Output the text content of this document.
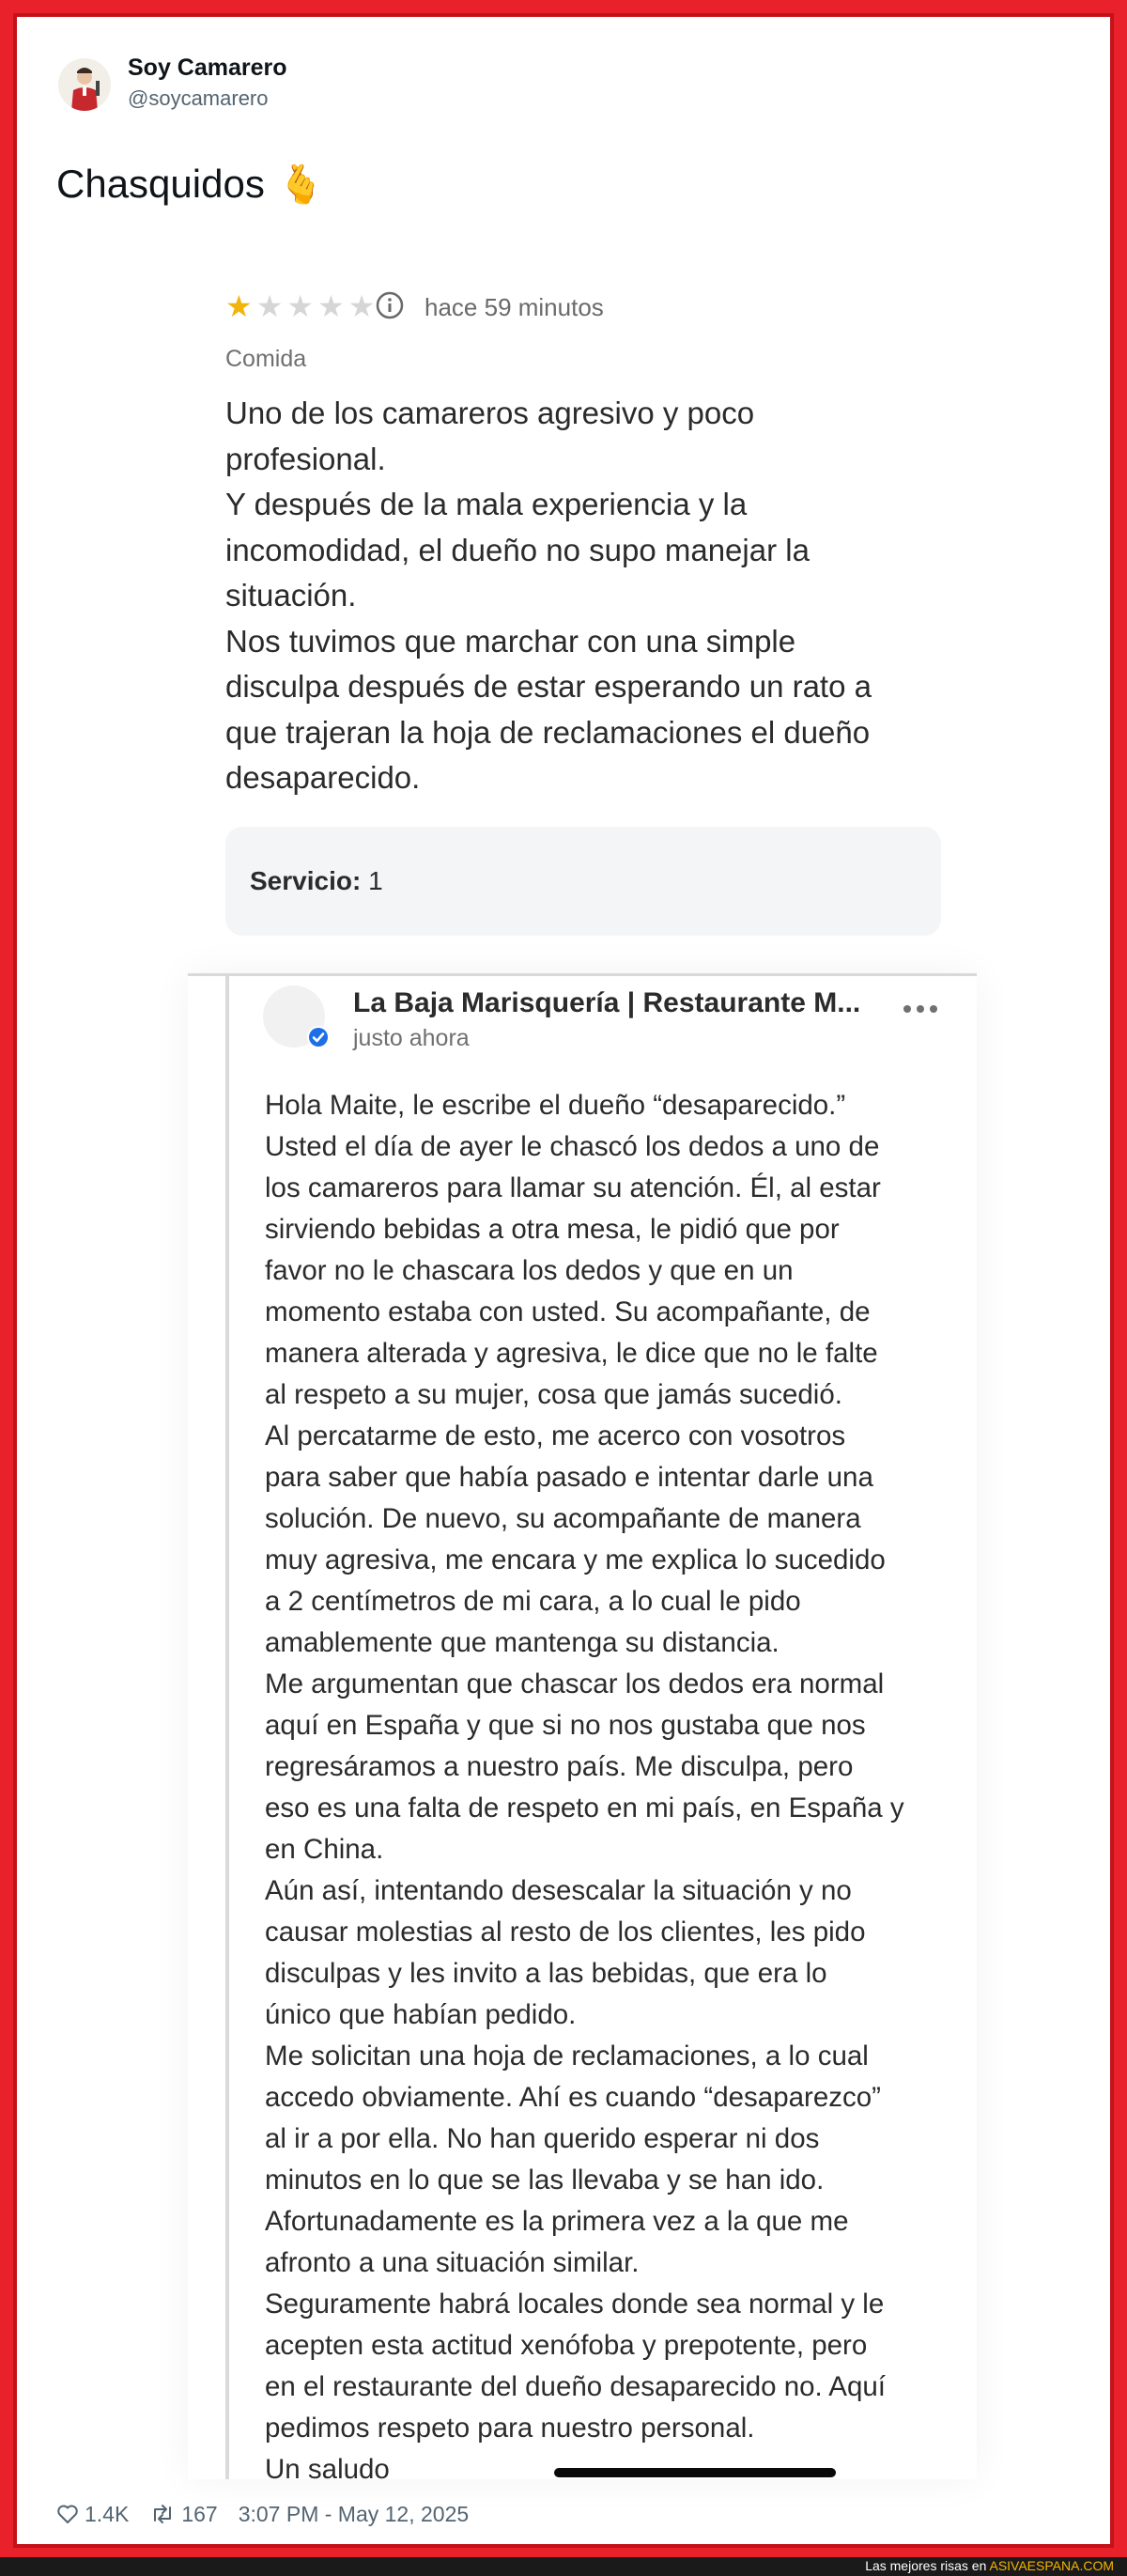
Soy Camarero
@soycamarero
Chasquidos 🫰
★ ★ ★ ★ ★ hace 59 minutos
Comida
Uno de los camareros agresivo y poco
profesional.
Y después de la mala experiencia y la
incomodidad, el dueño no supo manejar la
situación.
Nos tuvimos que marchar con una simple
disculpa después de estar esperando un rato a
que trajeran la hoja de reclamaciones el dueño
desaparecido.
Servicio: 1
La Baja Marisquería | Restaurante M...
justo ahora
Hola Maite, le escribe el dueño “desaparecido.”
Usted el día de ayer le chascó los dedos a uno de
los camareros para llamar su atención. Él, al estar
sirviendo bebidas a otra mesa, le pidió que por
favor no le chascara los dedos y que en un
momento estaba con usted. Su acompañante, de
manera alterada y agresiva, le dice que no le falte
al respeto a su mujer, cosa que jamás sucedió.
Al percatarme de esto, me acerco con vosotros
para saber que había pasado e intentar darle una
solución. De nuevo, su acompañante de manera
muy agresiva, me encara y me explica lo sucedido
a 2 centímetros de mi cara, a lo cual le pido
amablemente que mantenga su distancia.
Me argumentan que chascar los dedos era normal
aquí en España y que si no nos gustaba que nos
regresáramos a nuestro país. Me disculpa, pero
eso es una falta de respeto en mi país, en España y
en China.
Aún así, intentando desescalar la situación y no
causar molestias al resto de los clientes, les pido
disculpas y les invito a las bebidas, que era lo
único que habían pedido.
Me solicitan una hoja de reclamaciones, a lo cual
accedo obviamente. Ahí es cuando “desaparezco”
al ir a por ella. No han querido esperar ni dos
minutos en lo que se las llevaba y se han ido.
Afortunadamente es la primera vez a la que me
afronto a una situación similar.
Seguramente habrá locales donde sea normal y le
acepten esta actitud xenófoba y prepotente, pero
en el restaurante del dueño desaparecido no. Aquí
pedimos respeto para nuestro personal.
Un saludo
1.4K 167 3:07 PM - May 12, 2025
Las mejores risas en ASIVAESPANA.COM
